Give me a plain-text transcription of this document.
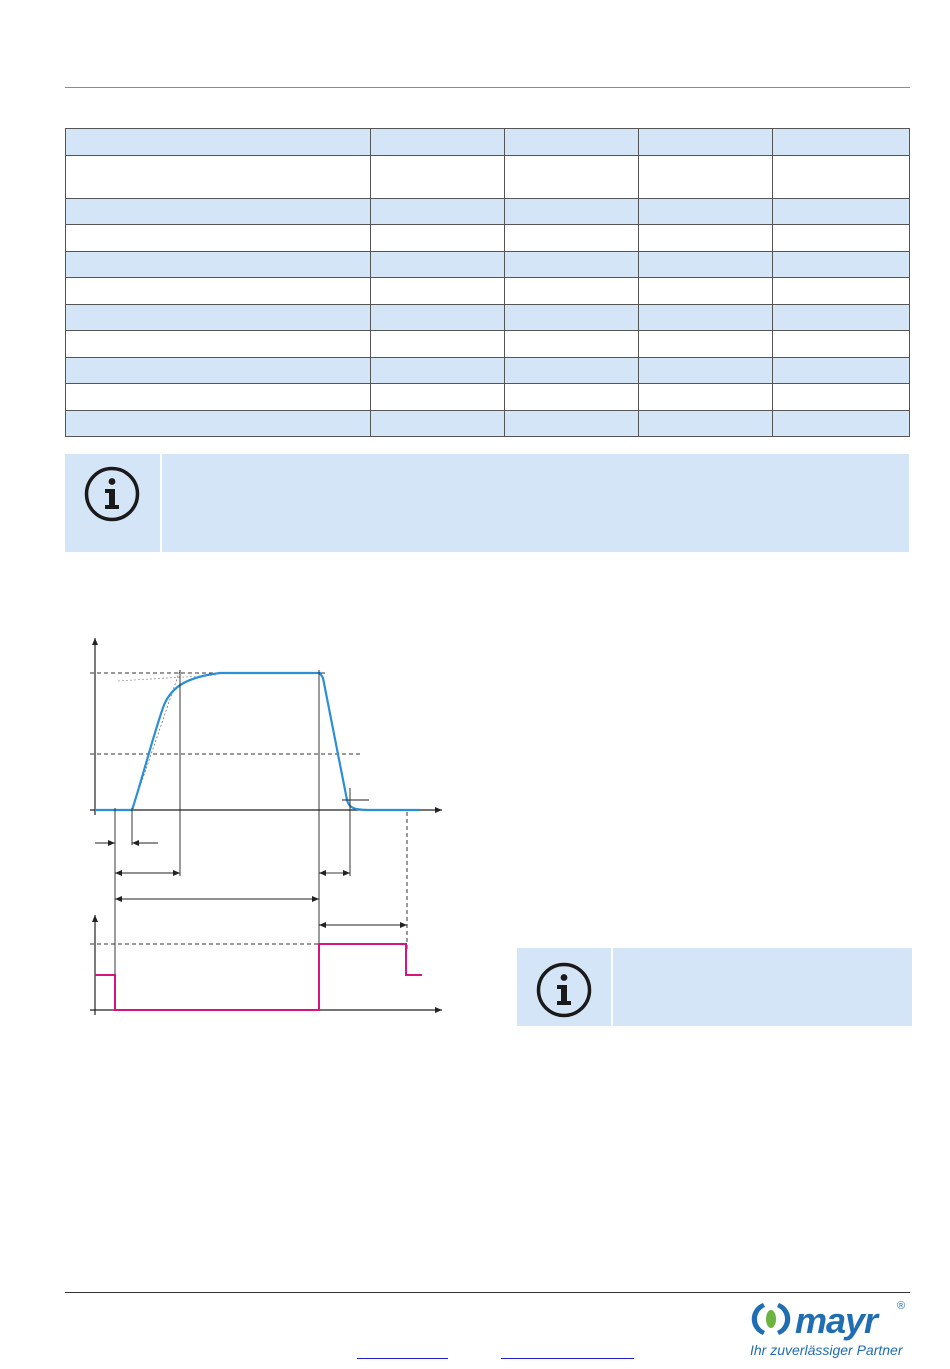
mayr ®
Ihr zuverlässiger Partner
